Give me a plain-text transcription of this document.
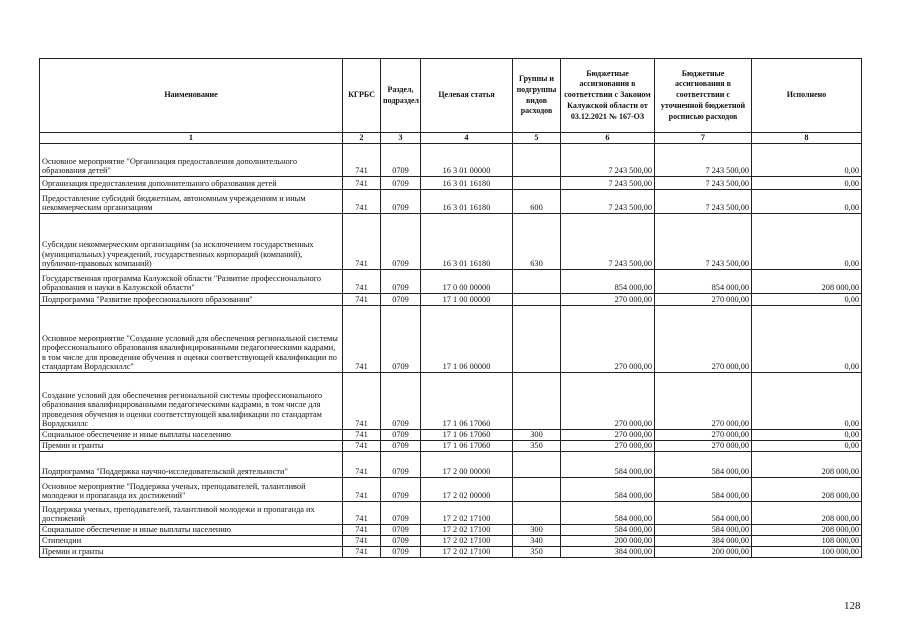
Наименование	КГРБС	Раздел, подраздел	Целевая статья	Группы и подгруппы видов расходов	Бюджетные ассигнования в соответствии с Законом Калужской области от 03.12.2021 № 167-ОЗ	Бюджетные ассигнования в соответствии с уточненной бюджетной росписью расходов	Исполнено
1	2	3	4	5	6	7	8
Основное мероприятие "Организация предоставления дополнительного образования детей"	741	0709	16 3 01 00000		7 243 500,00	7 243 500,00	0,00
Организация предоставления дополнительного образования детей	741	0709	16 3 01 16180		7 243 500,00	7 243 500,00	0,00
Предоставление субсидий бюджетным, автономным учреждениям и иным некоммерческим организациям	741	0709	16 3 01 16180	600	7 243 500,00	7 243 500,00	0,00
Субсидии некоммерческим организациям (за исключением государственных (муниципальных) учреждений, государственных корпораций (компаний), публично-правовых компаний)	741	0709	16 3 01 16180	630	7 243 500,00	7 243 500,00	0,00
Государственная программа Калужской области "Развитие профессионального образования и науки в Калужской области"	741	0709	17 0 00 00000		854 000,00	854 000,00	208 000,00
Подпрограмма "Развитие профессионального образования"	741	0709	17 1 00 00000		270 000,00	270 000,00	0,00
Основное мероприятие "Создание условий для обеспечения региональной системы профессионального образования квалифицированными педагогическими кадрами, в том числе для проведения обучения и оценки соответствующей квалификации по стандартам Ворлдскиллс"	741	0709	17 1 06 00000		270 000,00	270 000,00	0,00
Создание условий для обеспечения региональной системы профессионального образования квалифицированными педагогическими кадрами, в том числе для проведения обучения и оценки соответствующей квалификации по стандартам Ворлдскиллс	741	0709	17 1 06 17060		270 000,00	270 000,00	0,00
Социальное обеспечение и иные выплаты населению	741	0709	17 1 06 17060	300	270 000,00	270 000,00	0,00
Премии и гранты	741	0709	17 1 06 17060	350	270 000,00	270 000,00	0,00
Подпрограмма "Поддержка научно-исследовательской деятельности"	741	0709	17 2 00 00000		584 000,00	584 000,00	208 000,00
Основное мероприятие "Поддержка ученых, преподавателей, талантливой молодежи и пропаганда их достижений"	741	0709	17 2 02 00000		584 000,00	584 000,00	208 000,00
Поддержка ученых, преподавателей, талантливой молодежи и пропаганда их достижений	741	0709	17 2 02 17100		584 000,00	584 000,00	208 000,00
Социальное обеспечение и иные выплаты населению	741	0709	17 2 02 17100	300	584 000,00	584 000,00	208 000,00
Стипендии	741	0709	17 2 02 17100	340	200 000,00	384 000,00	108 000,00
Премии и гранты	741	0709	17 2 02 17100	350	384 000,00	200 000,00	100 000,00
128
